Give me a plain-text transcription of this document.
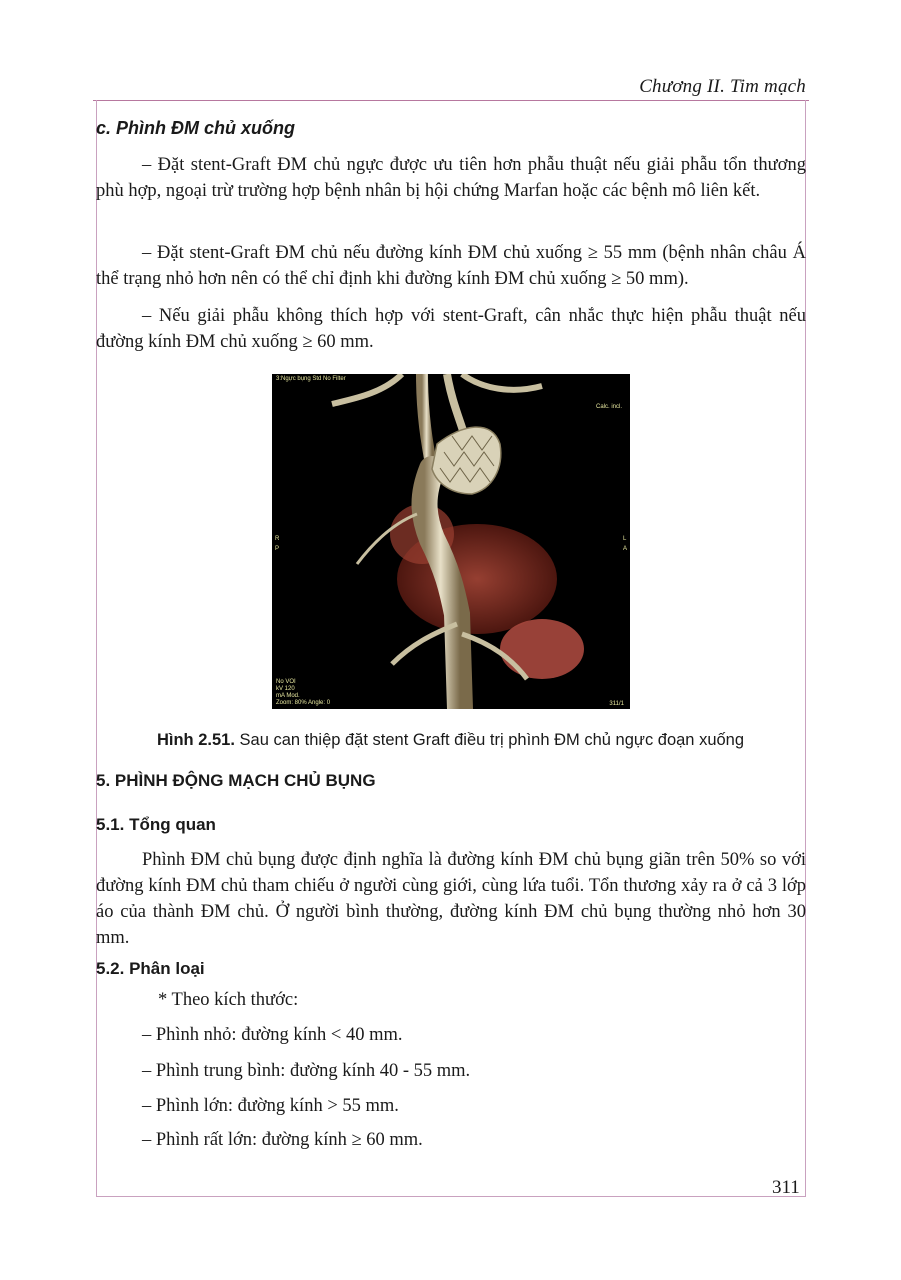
Chương II. Tim mạch
c. Phình ĐM chủ xuống

– Đặt stent-Graft ĐM chủ ngực được ưu tiên hơn phẫu thuật nếu giải phẫu tổn thương phù hợp, ngoại trừ trường hợp bệnh nhân bị hội chứng Marfan hoặc các bệnh mô liên kết.

– Đặt stent-Graft ĐM chủ nếu đường kính ĐM chủ xuống ≥ 55 mm (bệnh nhân châu Á thể trạng nhỏ hơn nên có thể chỉ định khi đường kính ĐM chủ xuống ≥ 50 mm).

– Nếu giải phẫu không thích hợp với stent-Graft, cân nhắc thực hiện phẫu thuật nếu đường kính ĐM chủ xuống ≥ 60 mm.

3:Ngực bụng Std No Filter
Calc. incl.
R
P
L
A
No VOI
kV 120
mA Mod.
Zoom: 80% Angle: 0	311/1
Hình 2.51. Sau can thiệp đặt stent Graft điều trị phình ĐM chủ ngực đoạn xuống
5. PHÌNH ĐỘNG MẠCH CHỦ BỤNG
5.1. Tổng quan

Phình ĐM chủ bụng được định nghĩa là đường kính ĐM chủ bụng giãn trên 50% so với đường kính ĐM chủ tham chiếu ở người cùng giới, cùng lứa tuổi. Tổn thương xảy ra ở cả 3 lớp áo của thành ĐM chủ. Ở người bình thường, đường kính ĐM chủ bụng thường nhỏ hơn 30 mm.

5.2. Phân loại
* Theo kích thước:
– Phình nhỏ: đường kính < 40 mm.
– Phình trung bình: đường kính 40 - 55 mm.
– Phình lớn: đường kính > 55 mm.
– Phình rất lớn: đường kính ≥ 60 mm.
311
